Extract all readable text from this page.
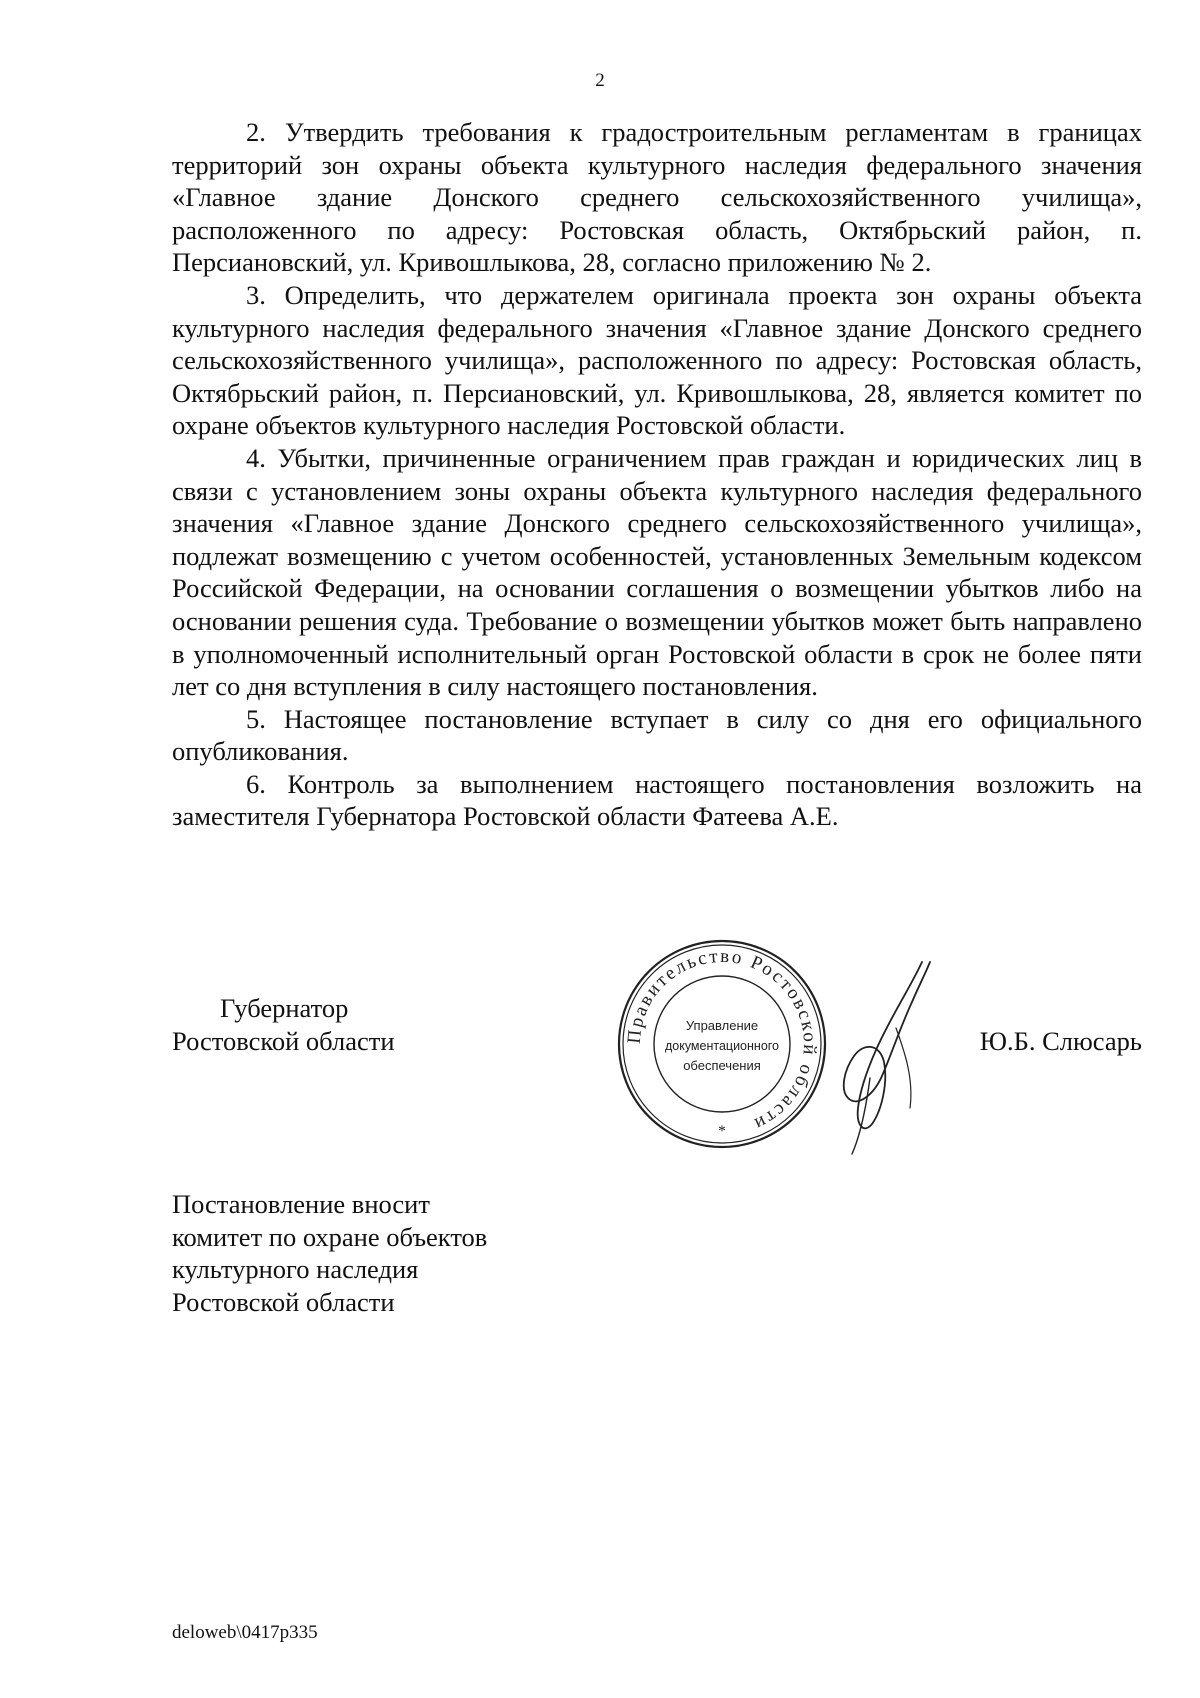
2

2. Утвердить требования к градостроительным регламентам в границах территорий зон охраны объекта культурного наследия федерального значения «Главное здание Донского среднего сельскохозяйственного училища», расположенного по адресу: Ростовская область, Октябрьский район, п. Персиановский, ул. Кривошлыкова, 28, согласно приложению № 2.

3. Определить, что держателем оригинала проекта зон охраны объекта культурного наследия федерального значения «Главное здание Донского среднего сельскохозяйственного училища», расположенного по адресу: Ростовская область, Октябрьский район, п. Персиановский, ул. Кривошлыкова, 28, является комитет по охране объектов культурного наследия Ростовской области.

4. Убытки, причиненные ограничением прав граждан и юридических лиц в связи с установлением зоны охраны объекта культурного наследия федерального значения «Главное здание Донского среднего сельскохозяйственного училища», подлежат возмещению с учетом особенностей, установленных Земельным кодексом Российской Федерации, на основании соглашения о возмещении убытков либо на основании решения суда. Требование о возмещении убытков может быть направлено в уполномоченный исполнительный орган Ростовской области в срок не более пяти лет со дня вступления в силу настоящего постановления.

5. Настоящее постановление вступает в силу со дня его официального опубликования.

6. Контроль за выполнением настоящего постановления возложить на заместителя Губернатора Ростовской области Фатеева А.Е.

Губернатор
Ростовской области	Ю.Б. Слюсарь
Правительство Ростовской области
Управление
документационного
обеспечения
*
Постановление вносит
комитет по охране объектов
культурного наследия
Ростовской области
deloweb\0417p335
